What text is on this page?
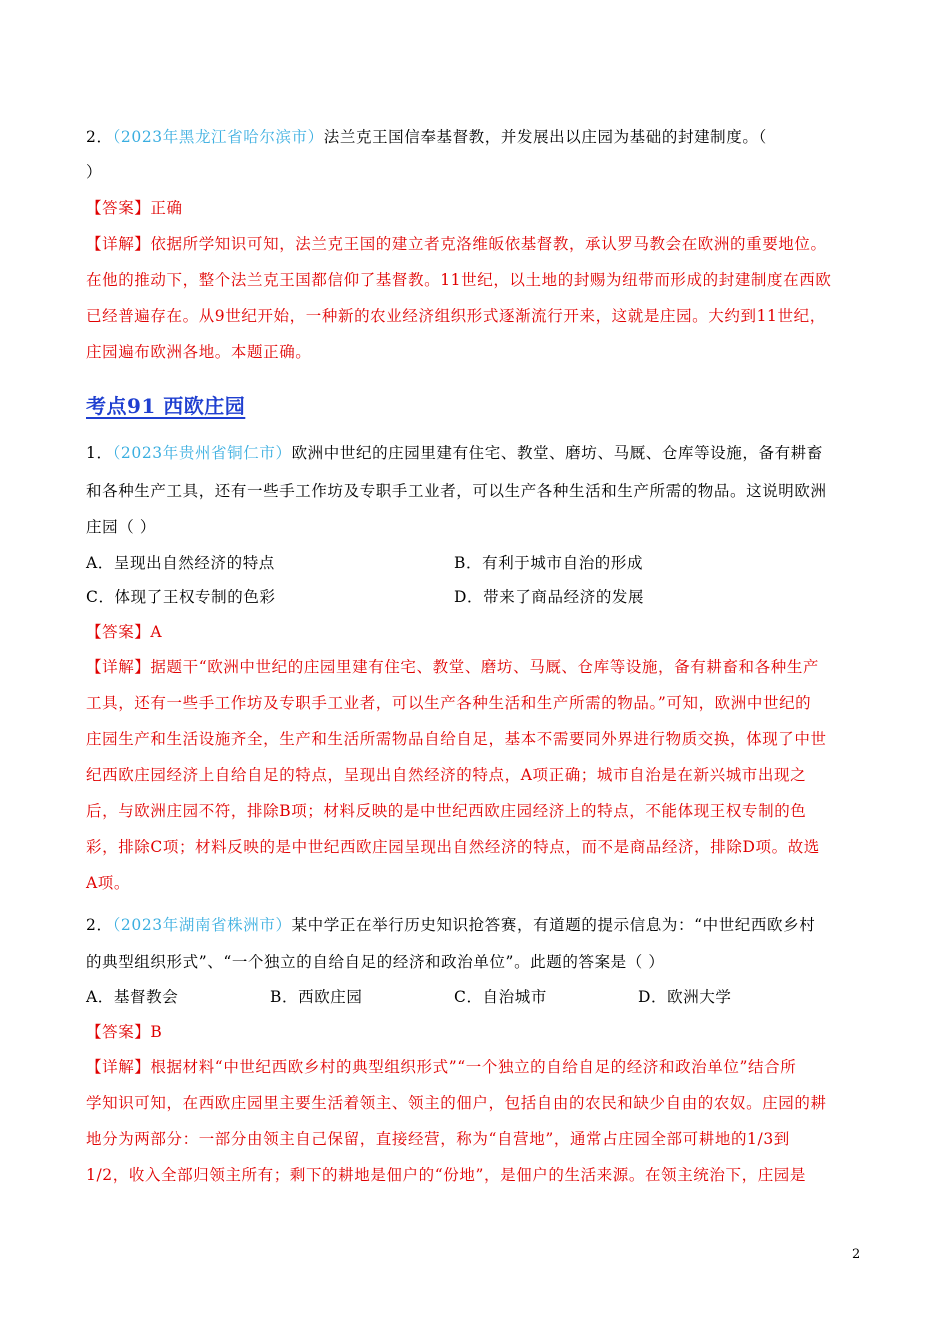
2．（2023年黑龙江省哈尔滨市）法兰克王国信奉基督教，并发展出以庄园为基础的封建制度。（
）
【答案】正确
【详解】依据所学知识可知，法兰克王国的建立者克洛维皈依基督教，承认罗马教会在欧洲的重要地位。
在他的推动下，整个法兰克王国都信仰了基督教。11世纪，以土地的封赐为纽带而形成的封建制度在西欧
已经普遍存在。从9世纪开始，一种新的农业经济组织形式逐渐流行开来，这就是庄园。大约到11世纪，
庄园遍布欧洲各地。本题正确。
考点91 西欧庄园
1．（2023年贵州省铜仁市）欧洲中世纪的庄园里建有住宅、教堂、磨坊、马厩、仓库等设施，备有耕畜
和各种生产工具，还有一些手工作坊及专职手工业者，可以生产各种生活和生产所需的物品。这说明欧洲
庄园（ ）
A．呈现出自然经济的特点	B．有利于城市自治的形成
C．体现了王权专制的色彩	D．带来了商品经济的发展
【答案】A
【详解】据题干“欧洲中世纪的庄园里建有住宅、教堂、磨坊、马厩、仓库等设施，备有耕畜和各种生产
工具，还有一些手工作坊及专职手工业者，可以生产各种生活和生产所需的物品。”可知，欧洲中世纪的
庄园生产和生活设施齐全，生产和生活所需物品自给自足，基本不需要同外界进行物质交换，体现了中世
纪西欧庄园经济上自给自足的特点，呈现出自然经济的特点，A项正确；城市自治是在新兴城市出现之
后，与欧洲庄园不符，排除B项；材料反映的是中世纪西欧庄园经济上的特点，不能体现王权专制的色
彩，排除C项；材料反映的是中世纪西欧庄园呈现出自然经济的特点，而不是商品经济，排除D项。故选
A项。
2．（2023年湖南省株洲市）某中学正在举行历史知识抢答赛，有道题的提示信息为：“中世纪西欧乡村
的典型组织形式”、“一个独立的自给自足的经济和政治单位”。此题的答案是（ ）
A．基督教会	B．西欧庄园	C．自治城市	D．欧洲大学
【答案】B
【详解】根据材料“中世纪西欧乡村的典型组织形式”“一个独立的自给自足的经济和政治单位”结合所
学知识可知，在西欧庄园里主要生活着领主、领主的佃户，包括自由的农民和缺少自由的农奴。庄园的耕
地分为两部分：一部分由领主自己保留，直接经营，称为“自营地”，通常占庄园全部可耕地的1/3到
1/2，收入全部归领主所有；剩下的耕地是佃户的“份地”，是佃户的生活来源。在领主统治下，庄园是
2
